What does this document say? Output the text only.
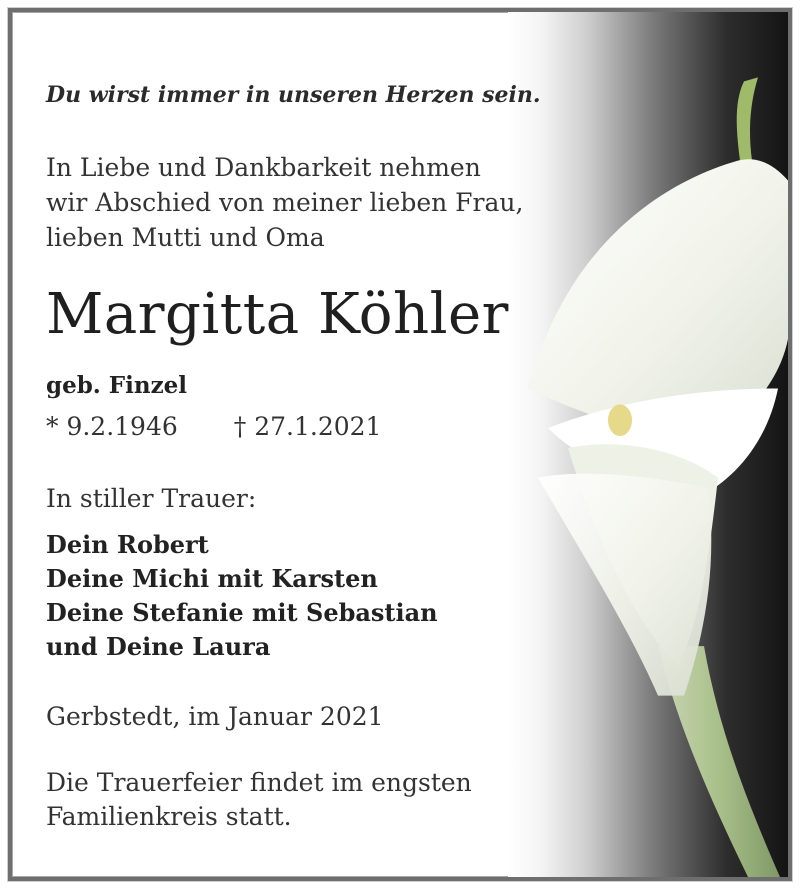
Du wirst immer in unseren Herzen sein.
In Liebe und Dankbarkeit nehmen
wir Abschied von meiner lieben Frau,
lieben Mutti und Oma
Margitta Köhler
geb. Finzel
* 9.2.1946 † 27.1.2021
In stiller Trauer:
Dein Robert
Deine Michi mit Karsten
Deine Stefanie mit Sebastian
und Deine Laura
Gerbstedt, im Januar 2021
Die Trauerfeier findet im engsten
Familienkreis statt.
